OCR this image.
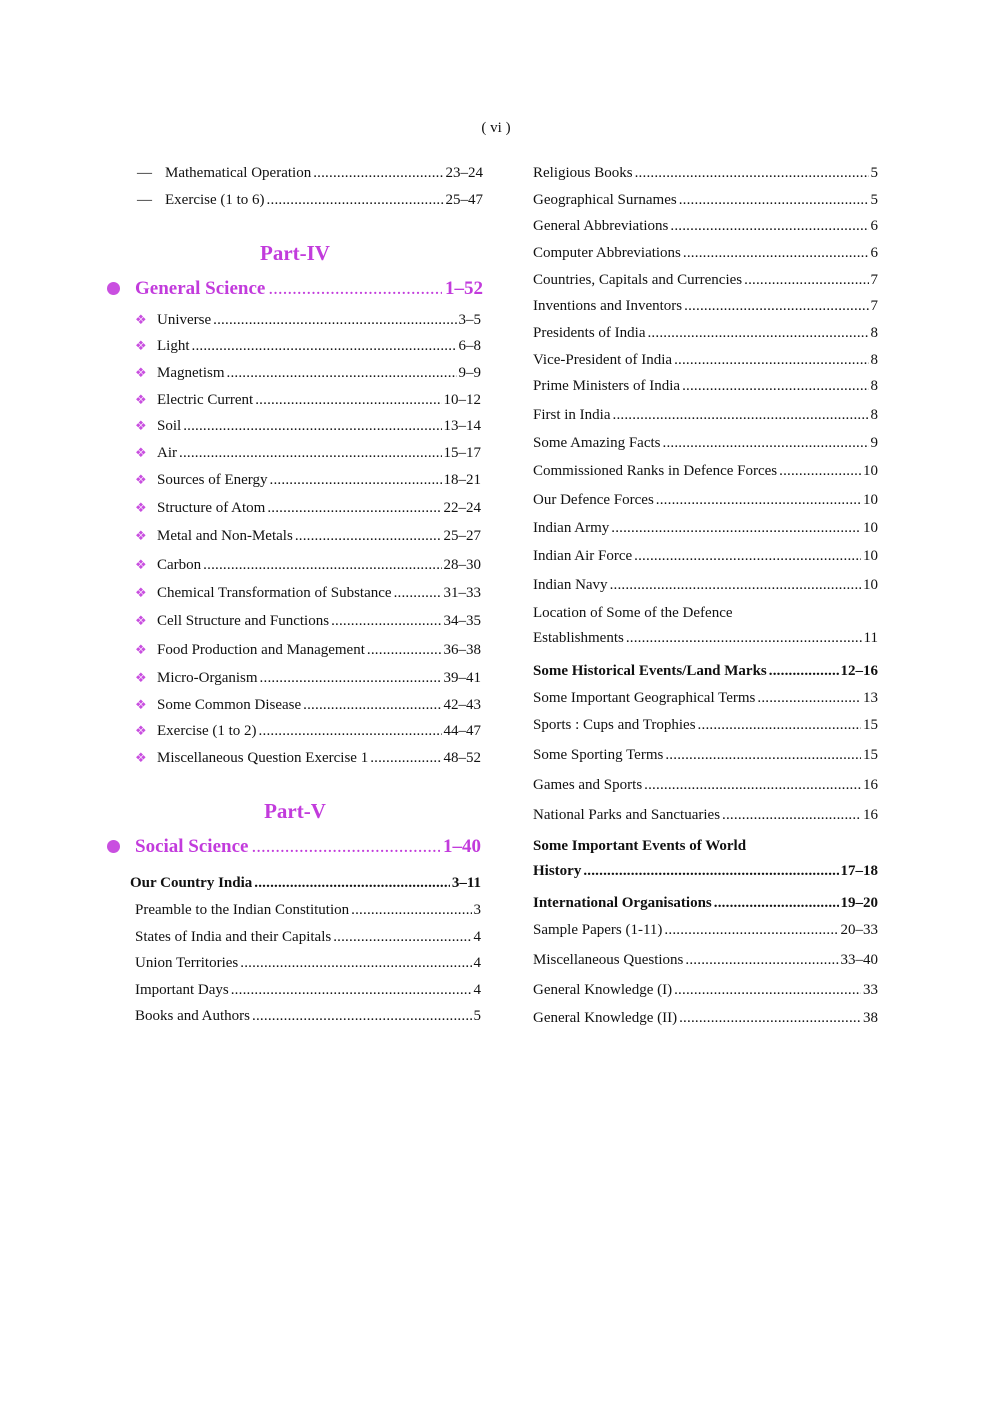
( vi )
— Mathematical Operation .....	23–24
— Exercise (1 to 6) .....	25–47
Part-IV
General Science .....	1–52
❖ Universe .....	3–5
❖ Light .....	6–8
❖ Magnetism .....	9–9
❖ Electric Current .....	10–12
❖ Soil .....	13–14
❖ Air .....	15–17
❖ Sources of Energy .....	18–21
❖ Structure of Atom .....	22–24
❖ Metal and Non-Metals .....	25–27
❖ Carbon .....	28–30
❖ Chemical Transformation of Substance .....	31–33
❖ Cell Structure and Functions .....	34–35
❖ Food Production and Management .....	36–38
❖ Micro-Organism .....	39–41
❖ Some Common Disease .....	42–43
❖ Exercise (1 to 2) .....	44–47
❖ Miscellaneous Question Exercise 1 .....	48–52
Part-V
Social Science .....	1–40
Our Country India .....	3–11
Preamble to the Indian Constitution .....	3
States of India and their Capitals .....	4
Union Territories .....	4
Important Days .....	4
Books and Authors .....	5
Religious Books .....	5
Geographical Surnames .....	5
General Abbreviations .....	6
Computer Abbreviations .....	6
Countries, Capitals and Currencies .....	7
Inventions and Inventors .....	7
Presidents of India .....	8
Vice-President of India .....	8
Prime Ministers of India .....	8
First in India .....	8
Some Amazing Facts .....	9
Commissioned Ranks in Defence Forces .....	10
Our Defence Forces .....	10
Indian Army .....	10
Indian Air Force .....	10
Indian Navy .....	10
Location of Some of the Defence
Establishments .....	11
Some Historical Events/Land Marks .....	12–16
Some Important Geographical Terms .....	13
Sports : Cups and Trophies .....	15
Some Sporting Terms .....	15
Games and Sports .....	16
National Parks and Sanctuaries .....	16
Some Important Events of World
History .....	17–18
International Organisations .....	19–20
Sample Papers (1-11) .....	20–33
Miscellaneous Questions .....	33–40
General Knowledge (I) .....	33
General Knowledge (II) .....	38
